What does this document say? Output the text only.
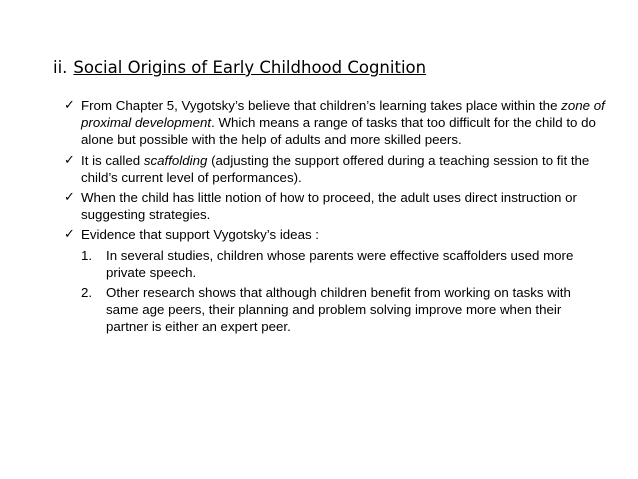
ii. Social Origins of Early Childhood Cognition
✓ From Chapter 5, Vygotsky’s believe that children’s learning takes place within the zone of proximal development. Which means a range of tasks that too difficult for the child to do alone but possible with the help of adults and more skilled peers.
✓ It is called scaffolding (adjusting the support offered during a teaching session to fit the child’s current level of performances).
✓ When the child has little notion of how to proceed, the adult uses direct instruction or suggesting strategies.
✓ Evidence that support Vygotsky’s ideas :
1. In several studies, children whose parents were effective scaffolders used more private speech.
2. Other research shows that although children benefit from working on tasks with same age peers, their planning and problem solving improve more when their partner is either an expert peer.
